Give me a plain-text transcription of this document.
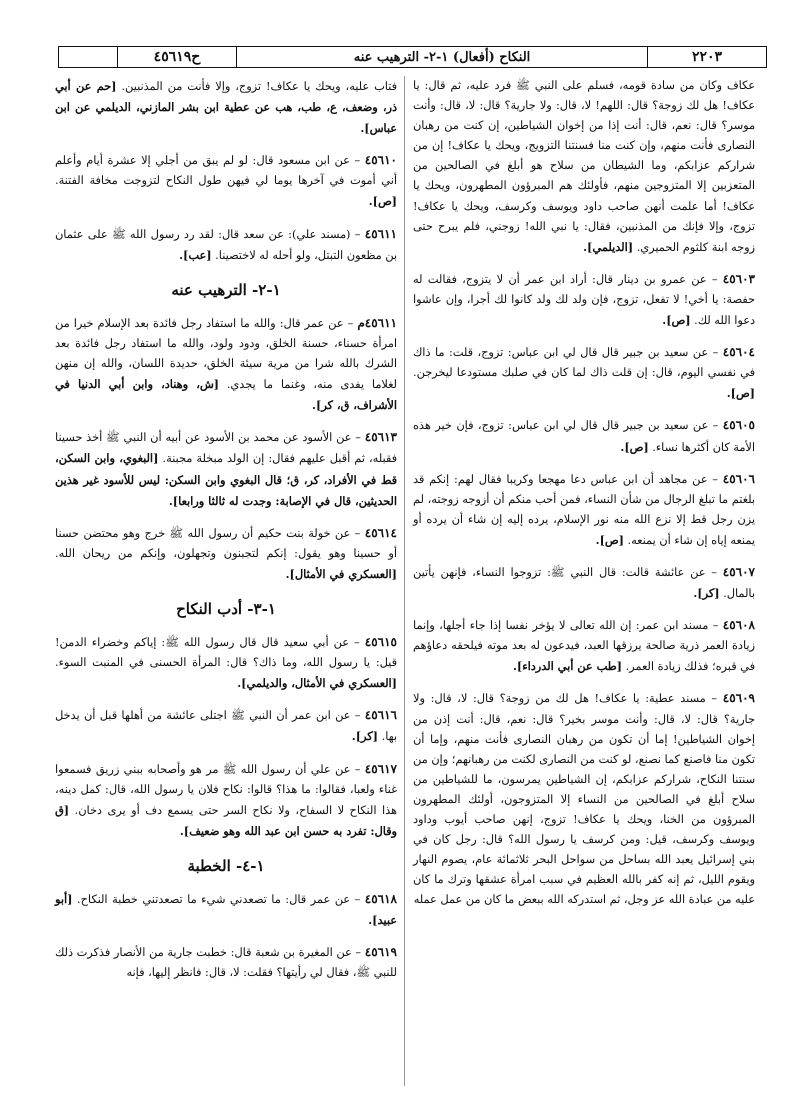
٢٢٠٣
النكاح (أفعال) ١-٢- الترهيب عنه
ح٤٥٦١٩

عكاف وكان من سادة قومه، فسلم على النبي ﷺ فرد عليه، ثم قال: يا عكاف! هل لك زوجة؟ قال: اللهم! لا، قال: ولا جارية؟ قال: لا، قال: وأنت موسر؟ قال: نعم، قال: أنت إذا من إخوان الشياطين، إن كنت من رهبان النصارى فأنت منهم، وإن كنت منا فسنتنا التزويج، ويحك يا عكاف! إن من شراركم عزابكم، وما الشيطان من سلاح هو أبلغ في الصالحين من المتعزبين إلا المتزوجين منهم، فأولئك هم المبرؤون المطهرون، ويحك يا عكاف! أما علمت أنهن صاحب داود ويوسف وكرسف، ويحك يا عكاف! تزوج، وإلا فإنك من المذنبين، فقال: يا نبي الله! زوجني، فلم يبرح حتى زوجه ابنة كلثوم الحميري. [الديلمي].

٤٥٦٠٣ – عن عمرو بن دينار قال: أراد ابن عمر أن لا يتزوج، فقالت له حفصة: يا أخي! لا تفعل، تزوج، فإن ولد لك ولد كانوا لك أجرا، وإن عاشوا دعوا الله لك. [ص].

٤٥٦٠٤ – عن سعيد بن جبير قال قال لي ابن عباس: تزوج، قلت: ما ذاك في نفسي اليوم، قال: إن قلت ذاك لما كان في صلبك مستودعا ليخرجن. [ص].

٤٥٦٠٥ – عن سعيد بن جبير قال قال لي ابن عباس: تزوج، فإن خير هذه الأمة كان أكثرها نساء. [ص].

٤٥٦٠٦ – عن مجاهد أن ابن عباس دعا مهجعا وكريبا فقال لهم: إنكم قد بلغتم ما تبلغ الرجال من شأن النساء، فمن أحب منكم أن أزوجه زوجته، لم يزن رجل قط إلا نزع الله منه نور الإسلام، يرده إليه إن شاء أن يرده أو يمنعه إياه إن شاء أن يمنعه. [ص].

٤٥٦٠٧ – عن عائشة قالت: قال النبي ﷺ: تزوجوا النساء، فإنهن يأتين بالمال. [كر].

٤٥٦٠٨ – مسند ابن عمر: إن الله تعالى لا يؤخر نفسا إذا جاء أجلها، وإنما زيادة العمر ذرية صالحة يرزقها العبد، فيدعون له بعد موته فيلحقه دعاؤهم في قبره؛ فذلك زيادة العمر. [طب عن أبي الدرداء].

٤٥٦٠٩ – مسند عطية: يا عكاف! هل لك من زوجة؟ قال: لا، قال: ولا جارية؟ قال: لا، قال: وأنت موسر بخير؟ قال: نعم، قال: أنت إذن من إخوان الشياطين! إما أن تكون من رهبان النصارى فأنت منهم، وإما أن تكون منا فاصنع كما نصنع، لو كنت من النصارى لكنت من رهبانهم؛ وإن من سنتنا النكاح، شراركم عزابكم، إن الشياطين يمرسون، ما للشياطين من سلاح أبلغ في الصالحين من النساء إلا المتزوجون، أولئك المطهرون المبرؤون من الخنا، ويحك يا عكاف! تزوج، إنهن صاحب أيوب وداود ويوسف وكرسف، قيل: ومن كرسف يا رسول الله؟ قال: رجل كان في بني إسرائيل يعبد الله بساحل من سواحل البحر ثلاثمائة عام، يصوم النهار ويقوم الليل، ثم إنه كفر بالله العظيم في سبب امرأة عشقها وترك ما كان عليه من عبادة الله عز وجل، ثم استدركه الله ببعض ما كان من عمل عمله

فتاب عليه، ويحك يا عكاف! تزوج، وإلا فأنت من المذنبين. [حم عن أبي ذر، وضعف، ع، طب، هب عن عطية ابن بشر المازني، الديلمي عن ابن عباس].

٤٥٦١٠ – عن ابن مسعود قال: لو لم يبق من أجلي إلا عشرة أيام وأعلم أني أموت في آخرها يوما لي فيهن طول النكاح لتزوجت مخافة الفتنة. [ص].

٤٥٦١١ – (مسند علي): عن سعد قال: لقد رد رسول الله ﷺ على عثمان بن مظعون التبتل، ولو أحله له لاختصينا. [عب].

١-٢- الترهيب عنه

٤٥٦١١م – عن عمر قال: والله ما استفاد رجل فائدة بعد الإسلام خيرا من امرأة حسناء، حسنة الخلق، ودود ولود، والله ما استفاد رجل فائدة بعد الشرك بالله شرا من مرية سيئة الخلق، حديدة اللسان، والله إن منهن لغلاما يفدى منه، وغنما ما يجدي. [ش، وهناد، وابن أبي الدنيا في الأشراف، ق، كر].

٤٥٦١٣ – عن الأسود عن محمد بن الأسود عن أبيه أن النبي ﷺ أخذ حسينا فقبله، ثم أقبل عليهم فقال: إن الولد مبخلة مجبنة. [البغوي، وابن السكن، قط في الأفراد، كر، ق؛ قال البغوي وابن السكن: ليس للأسود غير هذين الحديثين، قال في الإصابة: وجدت له ثالثا ورابعا].

٤٥٦١٤ – عن خولة بنت حكيم أن رسول الله ﷺ خرج وهو محتضن حسنا أو حسينا وهو يقول: إنكم لتجبنون وتجهلون، وإنكم من ريحان الله. [العسكري في الأمثال].

١-٣- أدب النكاح

٤٥٦١٥ – عن أبي سعيد قال قال رسول الله ﷺ: إياكم وخضراء الدمن! قيل: يا رسول الله، وما ذاك؟ قال: المرأة الحسنى في المنبت السوء. [العسكري في الأمثال، والديلمي].

٤٥٦١٦ – عن ابن عمر أن النبي ﷺ اجتلى عائشة من أهلها قبل أن يدخل بها. [كر].

٤٥٦١٧ – عن علي أن رسول الله ﷺ مر هو وأصحابه ببني زريق فسمعوا غناء ولعبا، فقالوا: ما هذا؟ قالوا: نكاح فلان يا رسول الله، قال: كمل دينه، هذا النكاح لا السفاح، ولا نكاح السر حتى يسمع دف أو يرى دخان. [ق وقال: تفرد به حسن ابن عبد الله وهو ضعيف].

١-٤- الخطبة

٤٥٦١٨ – عن عمر قال: ما تصعدني شيء ما تصعدتني خطبة النكاح. [أبو عبيد].

٤٥٦١٩ – عن المغيرة بن شعبة قال: خطبت جارية من الأنصار فذكرت ذلك للنبي ﷺ، فقال لي رأيتها؟ فقلت: لا، قال: فانظر إليها، فإنه
